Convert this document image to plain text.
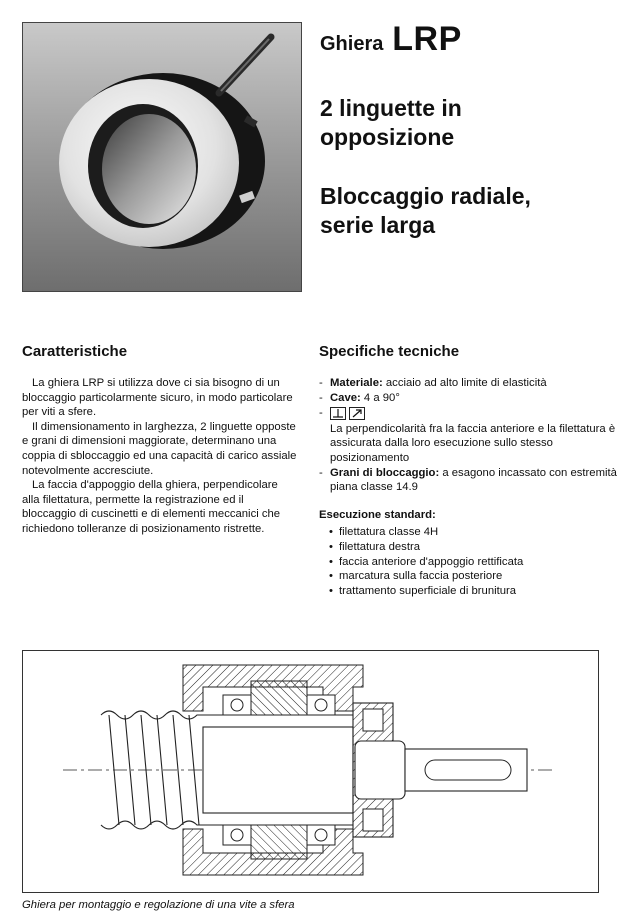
Ghiera LRP
2 linguette in
opposizione
Bloccaggio radiale,
serie larga
Caratteristiche

La ghiera LRP si utilizza dove ci sia bisogno di un bloccaggio particolarmente sicuro, in modo particolare per viti a sfere.

Il dimensionamento in larghezza, 2 linguette opposte e grani di dimensioni maggiorate, determinano una coppia di sbloccaggio ed una capacità di carico assiale notevolmente accresciute.

La faccia d'appoggio della ghiera, perpendicolare alla filettatura, permette la registrazione ed il bloccaggio di cuscinetti e di elementi meccanici che richiedono tolleranze di posizionamento ristrette.

Specifiche tecniche
- Materiale: acciaio ad alto limite di elasticità
- Cave: 4 a 90°
-
La perpendicolarità fra la faccia anteriore e la filettatura è assicurata dalla loro esecuzione sullo stesso posizionamento
- Grani di bloccaggio: a esagono incassato con estremità piana classe 14.9
Esecuzione standard:
• filettatura classe 4H
• filettatura destra
• faccia anteriore d'appoggio rettificata
• marcatura sulla faccia posteriore
• trattamento superficiale di brunitura
Ghiera per montaggio e regolazione di una vite a sfera
